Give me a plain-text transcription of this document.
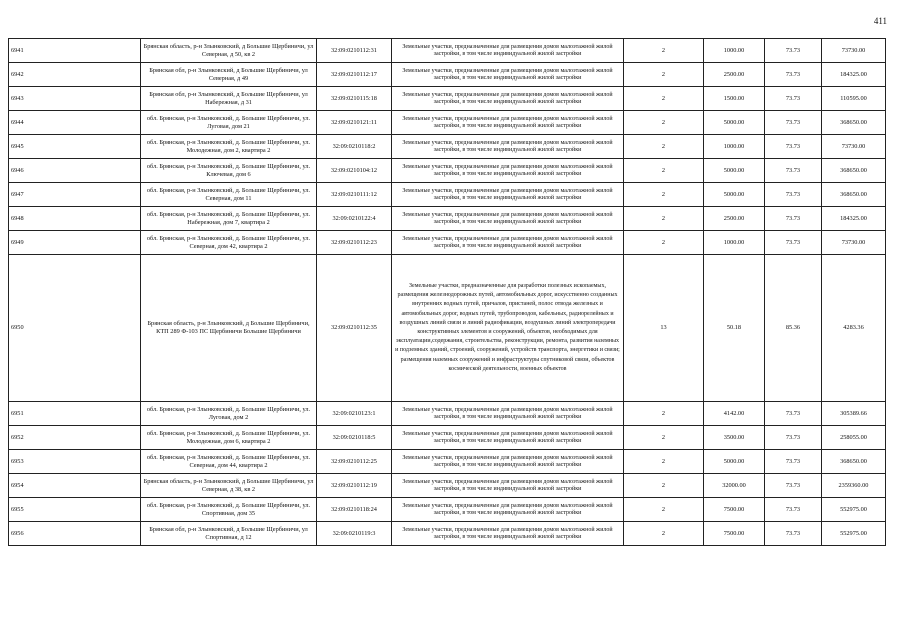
411
6941	Брянская область, р-н Злынковский, д Большие Щербиничи, ул Северная, д 50, кв 2	32:09:0210112:31	Земельные участки, предназначенные для размещения домов малоэтажной жилой застройки, в том числе индивидуальной жилой застройки	2	1000.00	73.73	73730.00
6942	Брянская обл, р-н Злынковский, д Большие Щербиничи, ул Северная, д 49	32:09:0210112:17	Земельные участки, предназначенные для размещения домов малоэтажной жилой застройки, в том числе индивидуальной жилой застройки	2	2500.00	73.73	184325.00
6943	Брянская обл, р-н Злынковский, д Большие Щербиничи, ул Набережная, д 31	32:09:0210115:18	Земельные участки, предназначенные для размещения домов малоэтажной жилой застройки, в том числе индивидуальной жилой застройки	2	1500.00	73.73	110595.00
6944	обл. Брянская, р-н Злынковский, д. Большие Щербиничи, ул. Луговая, дом 21	32:09:0210121:11	Земельные участки, предназначенные для размещения домов малоэтажной жилой застройки, в том числе индивидуальной жилой застройки	2	5000.00	73.73	368650.00
6945	обл. Брянская, р-н Злынковский, д. Большие Щербиничи, ул. Молодежная, дом 2, квартира 2	32:09:0210118:2	Земельные участки, предназначенные для размещения домов малоэтажной жилой застройки, в том числе индивидуальной жилой застройки	2	1000.00	73.73	73730.00
6946	обл. Брянская, р-н Злынковский, д. Большие Щербиничи, ул. Ключевая, дом 6	32:09:0210104:12	Земельные участки, предназначенные для размещения домов малоэтажной жилой застройки, в том числе индивидуальной жилой застройки	2	5000.00	73.73	368650.00
6947	обл. Брянская, р-н Злынковский, д. Большие Щербиничи, ул. Северная, дом 11	32:09:0210111:12	Земельные участки, предназначенные для размещения домов малоэтажной жилой застройки, в том числе индивидуальной жилой застройки	2	5000.00	73.73	368650.00
6948	обл. Брянская, р-н Злынковский, д. Большие Щербиничи, ул. Набережная, дом 7, квартира 2	32:09:0210122:4	Земельные участки, предназначенные для размещения домов малоэтажной жилой застройки, в том числе индивидуальной жилой застройки	2	2500.00	73.73	184325.00
6949	обл. Брянская, р-н Злынковский, д. Большие Щербиничи, ул. Северная, дом 42, квартира 2	32:09:0210112:23	Земельные участки, предназначенные для размещения домов малоэтажной жилой застройки, в том числе индивидуальной жилой застройки	2	1000.00	73.73	73730.00
6950	Брянская область, р-н Злынковский, д Большие Щербиничи, КТП 289 Ф-103 ПС Щербиничи Большие Щербиничи	32:09:0210112:35	Земельные участки, предназначенные для разработки полезных ископаемых, размещения железнодорожных путей, автомобильных дорог, искусственно созданных внутренних водных путей, причалов, пристаней, полос отвода железных и автомобильных дорог, водных путей, трубопроводов, кабельных, радиорелейных и воздушных линий связи и линий радиофикации, воздушных линий электропередачи конструктивных элементов и сооружений, объектов, необходимых для эксплуатации,содержания, строительства, реконструкции, ремонта, развития наземных и подземных зданий, строений, сооружений, устройств транспорта, энергетики и связи; размещения наземных сооружений и инфраструктуры спутниковой связи, объектов космической деятельности, военных объектов	13	50.18	85.36	4283.36
6951	обл. Брянская, р-н Злынковский, д. Большие Щербиничи, ул. Луговая, дом 2	32:09:0210123:1	Земельные участки, предназначенные для размещения домов малоэтажной жилой застройки, в том числе индивидуальной жилой застройки	2	4142.00	73.73	305389.66
6952	обл. Брянская, р-н Злынковский, д. Большие Щербиничи, ул. Молодежная, дом 6, квартира 2	32:09:0210118:5	Земельные участки, предназначенные для размещения домов малоэтажной жилой застройки, в том числе индивидуальной жилой застройки	2	3500.00	73.73	258055.00
6953	обл. Брянская, р-н Злынковский, д. Большие Щербиничи, ул. Северная, дом 44, квартира 2	32:09:0210112:25	Земельные участки, предназначенные для размещения домов малоэтажной жилой застройки, в том числе индивидуальной жилой застройки	2	5000.00	73.73	368650.00
6954	Брянская область, р-н Злынковский, д Большие Щербиничи, ул Северная, д 38, кв 2	32:09:0210112:19	Земельные участки, предназначенные для размещения домов малоэтажной жилой застройки, в том числе индивидуальной жилой застройки	2	32000.00	73.73	2359360.00
6955	обл. Брянская, р-н Злынковский, д. Большие Щербиничи, ул. Спортивная, дом 35	32:09:0210118:24	Земельные участки, предназначенные для размещения домов малоэтажной жилой застройки, в том числе индивидуальной жилой застройки	2	7500.00	73.73	552975.00
6956	Брянская обл, р-н Злынковский, д Большие Щербиничи, ул Спортивная, д 12	32:09:0210119:3	Земельные участки, предназначенные для размещения домов малоэтажной жилой застройки, в том числе индивидуальной жилой застройки	2	7500.00	73.73	552975.00
